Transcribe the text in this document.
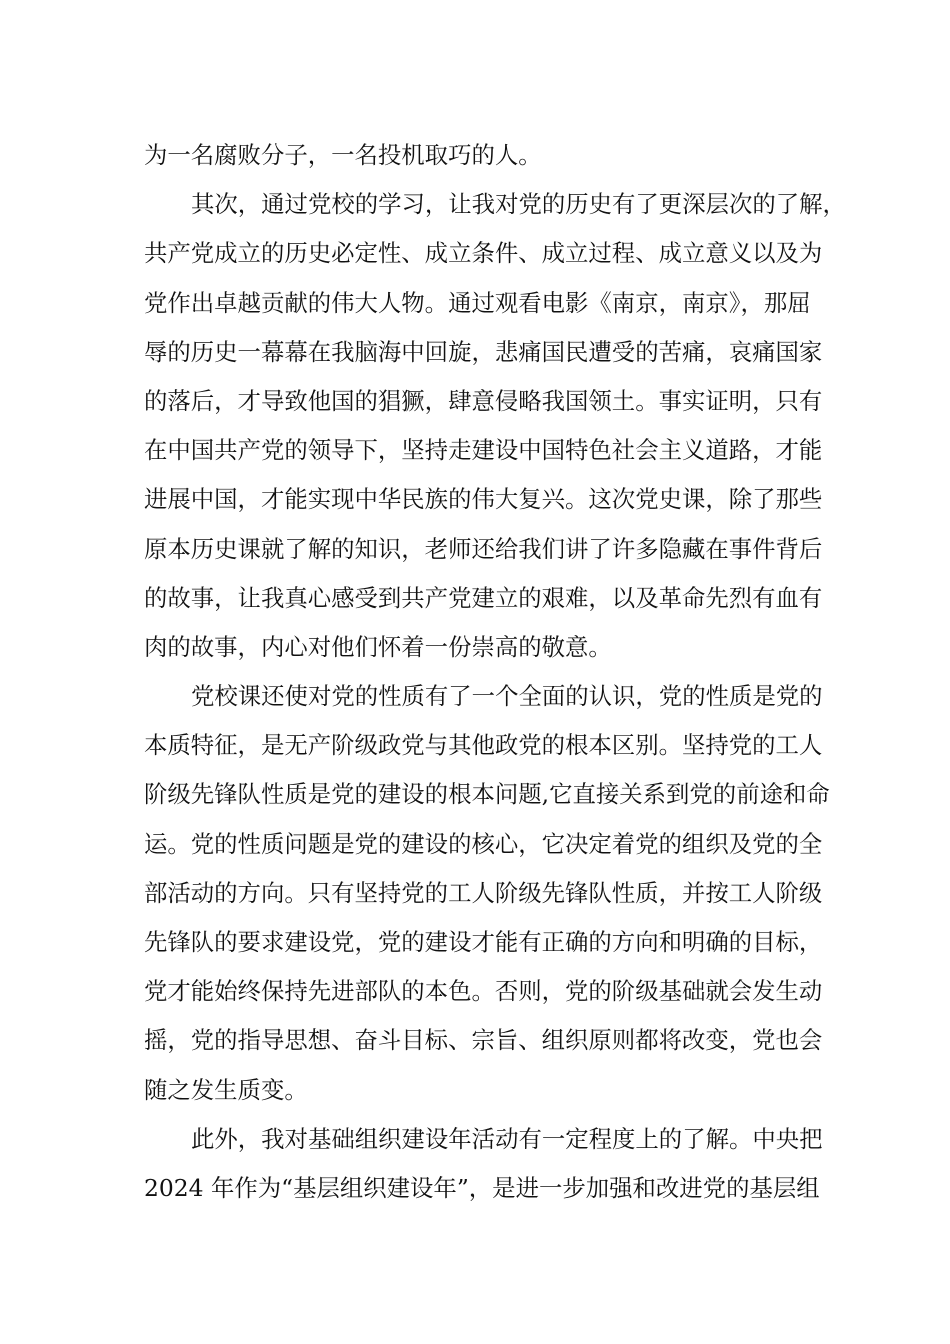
为一名腐败分子，一名投机取巧的人。
其次，通过党校的学习，让我对党的历史有了更深层次的了解，
共产党成立的历史必定性、成立条件、成立过程、成立意义以及为
党作出卓越贡献的伟大人物。通过观看电影《南京，南京》，那屈
辱的历史一幕幕在我脑海中回旋，悲痛国民遭受的苦痛，哀痛国家
的落后，才导致他国的猖獗，肆意侵略我国领土。事实证明，只有
在中国共产党的领导下，坚持走建设中国特色社会主义道路，才能
进展中国，才能实现中华民族的伟大复兴。这次党史课，除了那些
原本历史课就了解的知识，老师还给我们讲了许多隐藏在事件背后
的故事，让我真心感受到共产党建立的艰难，以及革命先烈有血有
肉的故事，内心对他们怀着一份崇高的敬意。
党校课还使对党的性质有了一个全面的认识，党的性质是党的
本质特征，是无产阶级政党与其他政党的根本区别。坚持党的工人
阶级先锋队性质是党的建设的根本问题,它直接关系到党的前途和命
运。党的性质问题是党的建设的核心，它决定着党的组织及党的全
部活动的方向。只有坚持党的工人阶级先锋队性质，并按工人阶级
先锋队的要求建设党，党的建设才能有正确的方向和明确的目标，
党才能始终保持先进部队的本色。否则，党的阶级基础就会发生动
摇，党的指导思想、奋斗目标、宗旨、组织原则都将改变，党也会
随之发生质变。
此外，我对基础组织建设年活动有一定程度上的了解。中央把
2024 年作为“基层组织建设年”，是进一步加强和改进党的基层组
